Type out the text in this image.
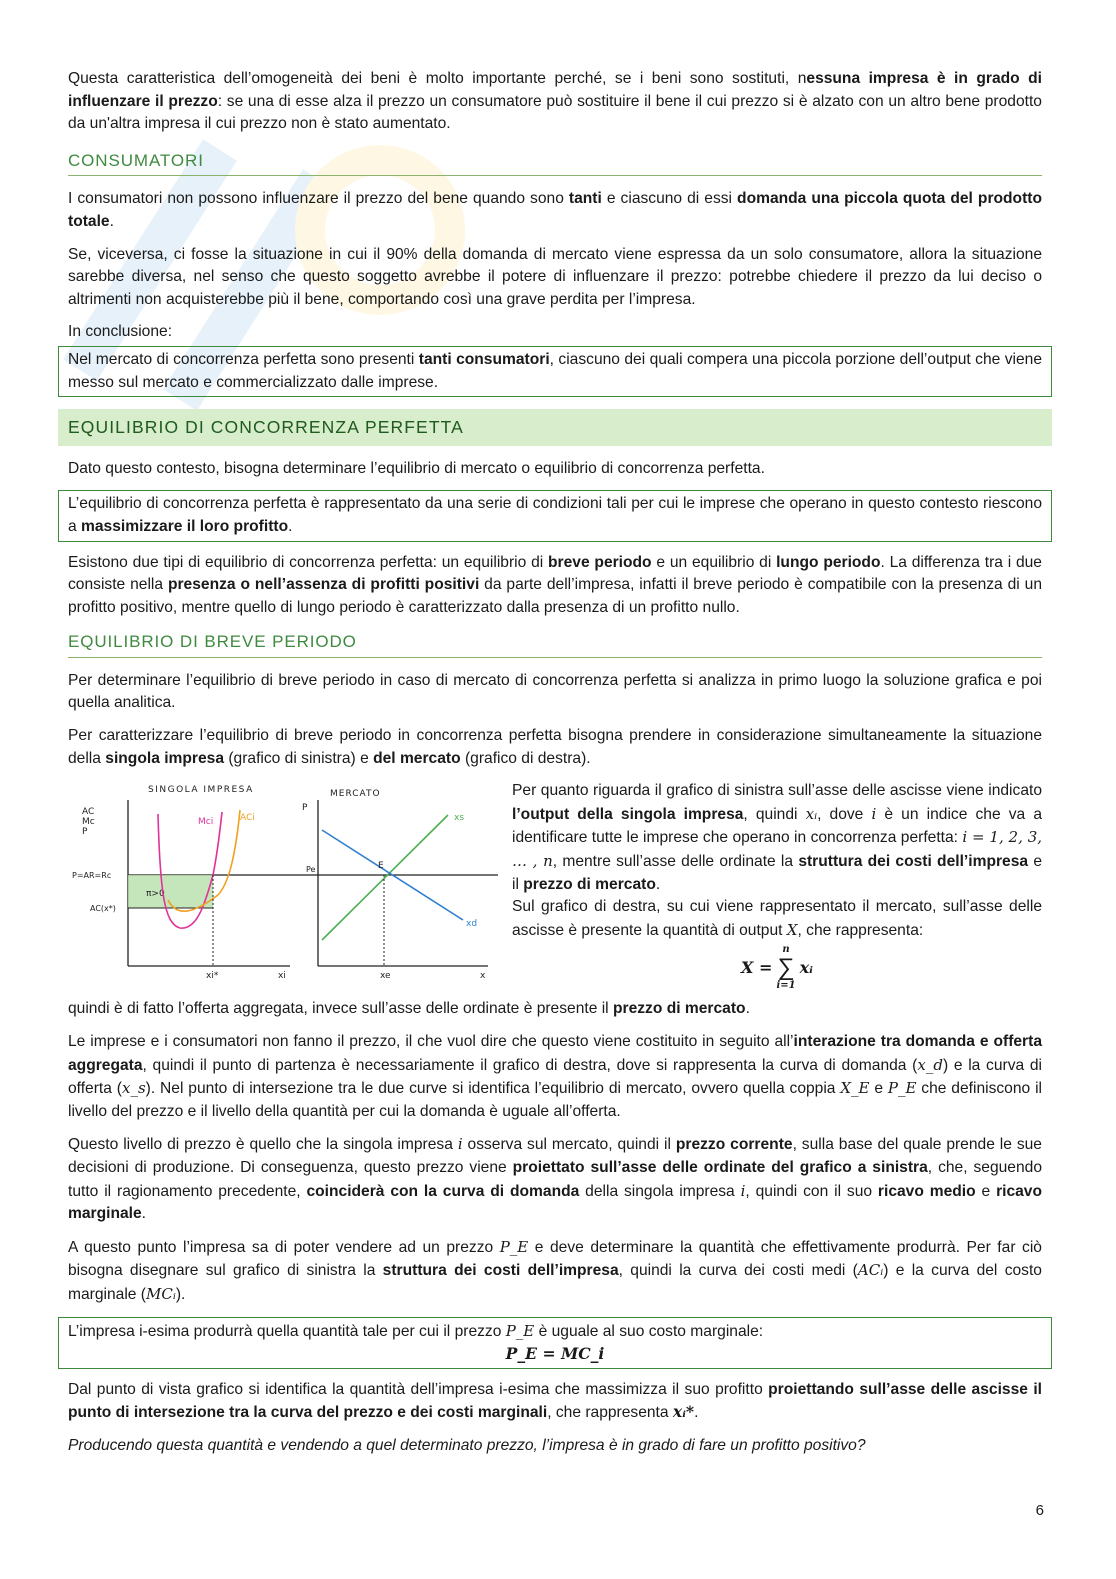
Questa caratteristica dell’omogeneità dei beni è molto importante perché, se i beni sono sostituti, nessuna impresa è in grado di influenzare il prezzo: se una di esse alza il prezzo un consumatore può sostituire il bene il cui prezzo si è alzato con un altro bene prodotto da un'altra impresa il cui prezzo non è stato aumentato.

CONSUMATORI

I consumatori non possono influenzare il prezzo del bene quando sono tanti e ciascuno di essi domanda una piccola quota del prodotto totale.

Se, viceversa, ci fosse la situazione in cui il 90% della domanda di mercato viene espressa da un solo consumatore, allora la situazione sarebbe diversa, nel senso che questo soggetto avrebbe il potere di influenzare il prezzo: potrebbe chiedere il prezzo da lui deciso o altrimenti non acquisterebbe più il bene, comportando così una grave perdita per l’impresa.

In conclusione:

Nel mercato di concorrenza perfetta sono presenti tanti consumatori, ciascuno dei quali compera una piccola porzione dell’output che viene messo sul mercato e commercializzato dalle imprese.

EQUILIBRIO DI CONCORRENZA PERFETTA

Dato questo contesto, bisogna determinare l’equilibrio di mercato o equilibrio di concorrenza perfetta.

L’equilibrio di concorrenza perfetta è rappresentato da una serie di condizioni tali per cui le imprese che operano in questo contesto riescono a massimizzare il loro profitto.

Esistono due tipi di equilibrio di concorrenza perfetta: un equilibrio di breve periodo e un equilibrio di lungo periodo. La differenza tra i due consiste nella presenza o nell’assenza di profitti positivi da parte dell’impresa, infatti il breve periodo è compatibile con la presenza di un profitto positivo, mentre quello di lungo periodo è caratterizzato dalla presenza di un profitto nullo.

EQUILIBRIO DI BREVE PERIODO

Per determinare l’equilibrio di breve periodo in caso di mercato di concorrenza perfetta si analizza in primo luogo la soluzione grafica e poi quella analitica.

Per caratterizzare l’equilibrio di breve periodo in concorrenza perfetta bisogna prendere in considerazione simultaneamente la situazione della singola impresa (grafico di sinistra) e del mercato (grafico di destra).

SINGOLA IMPRESA
AC
Mc
P
P=AR=Rc
AC(x*)
π>0
Mci	ACi
xi*	xi
MERCATO
P
Pe	E
xs
xd
xe	x

Per quanto riguarda il grafico di sinistra sull’asse delle ascisse viene indicato l’output della singola impresa, quindi xᵢ, dove i è un indice che va a identificare tutte le imprese che operano in concorrenza perfetta: i = 1, 2, 3, … , n, mentre sull’asse delle ordinate la struttura dei costi dell’impresa e il prezzo di mercato.

Sul grafico di destra, su cui viene rappresentato il mercato, sull’asse delle ascisse è presente la quantità di output X, che rappresenta:

X =
n
∑
i=1
xᵢ

quindi è di fatto l’offerta aggregata, invece sull’asse delle ordinate è presente il prezzo di mercato.

Le imprese e i consumatori non fanno il prezzo, il che vuol dire che questo viene costituito in seguito all’interazione tra domanda e offerta aggregata, quindi il punto di partenza è necessariamente il grafico di destra, dove si rappresenta la curva di domanda (x_d) e la curva di offerta (x_s). Nel punto di intersezione tra le due curve si identifica l’equilibrio di mercato, ovvero quella coppia X_E e P_E che definiscono il livello del prezzo e il livello della quantità per cui la domanda è uguale all’offerta.

Questo livello di prezzo è quello che la singola impresa i osserva sul mercato, quindi il prezzo corrente, sulla base del quale prende le sue decisioni di produzione. Di conseguenza, questo prezzo viene proiettato sull’asse delle ordinate del grafico a sinistra, che, seguendo tutto il ragionamento precedente, coinciderà con la curva di domanda della singola impresa i, quindi con il suo ricavo medio e ricavo marginale.

A questo punto l’impresa sa di poter vendere ad un prezzo P_E e deve determinare la quantità che effettivamente produrrà. Per far ciò bisogna disegnare sul grafico di sinistra la struttura dei costi dell’impresa, quindi la curva dei costi medi (ACᵢ) e la curva del costo marginale (MCᵢ).

L’impresa i-esima produrrà quella quantità tale per cui il prezzo P_E è uguale al suo costo marginale:

P_E = MC_i

Dal punto di vista grafico si identifica la quantità dell’impresa i-esima che massimizza il suo profitto proiettando sull’asse delle ascisse il punto di intersezione tra la curva del prezzo e dei costi marginali, che rappresenta xᵢ*.

Producendo questa quantità e vendendo a quel determinato prezzo, l’impresa è in grado di fare un profitto positivo?

6
